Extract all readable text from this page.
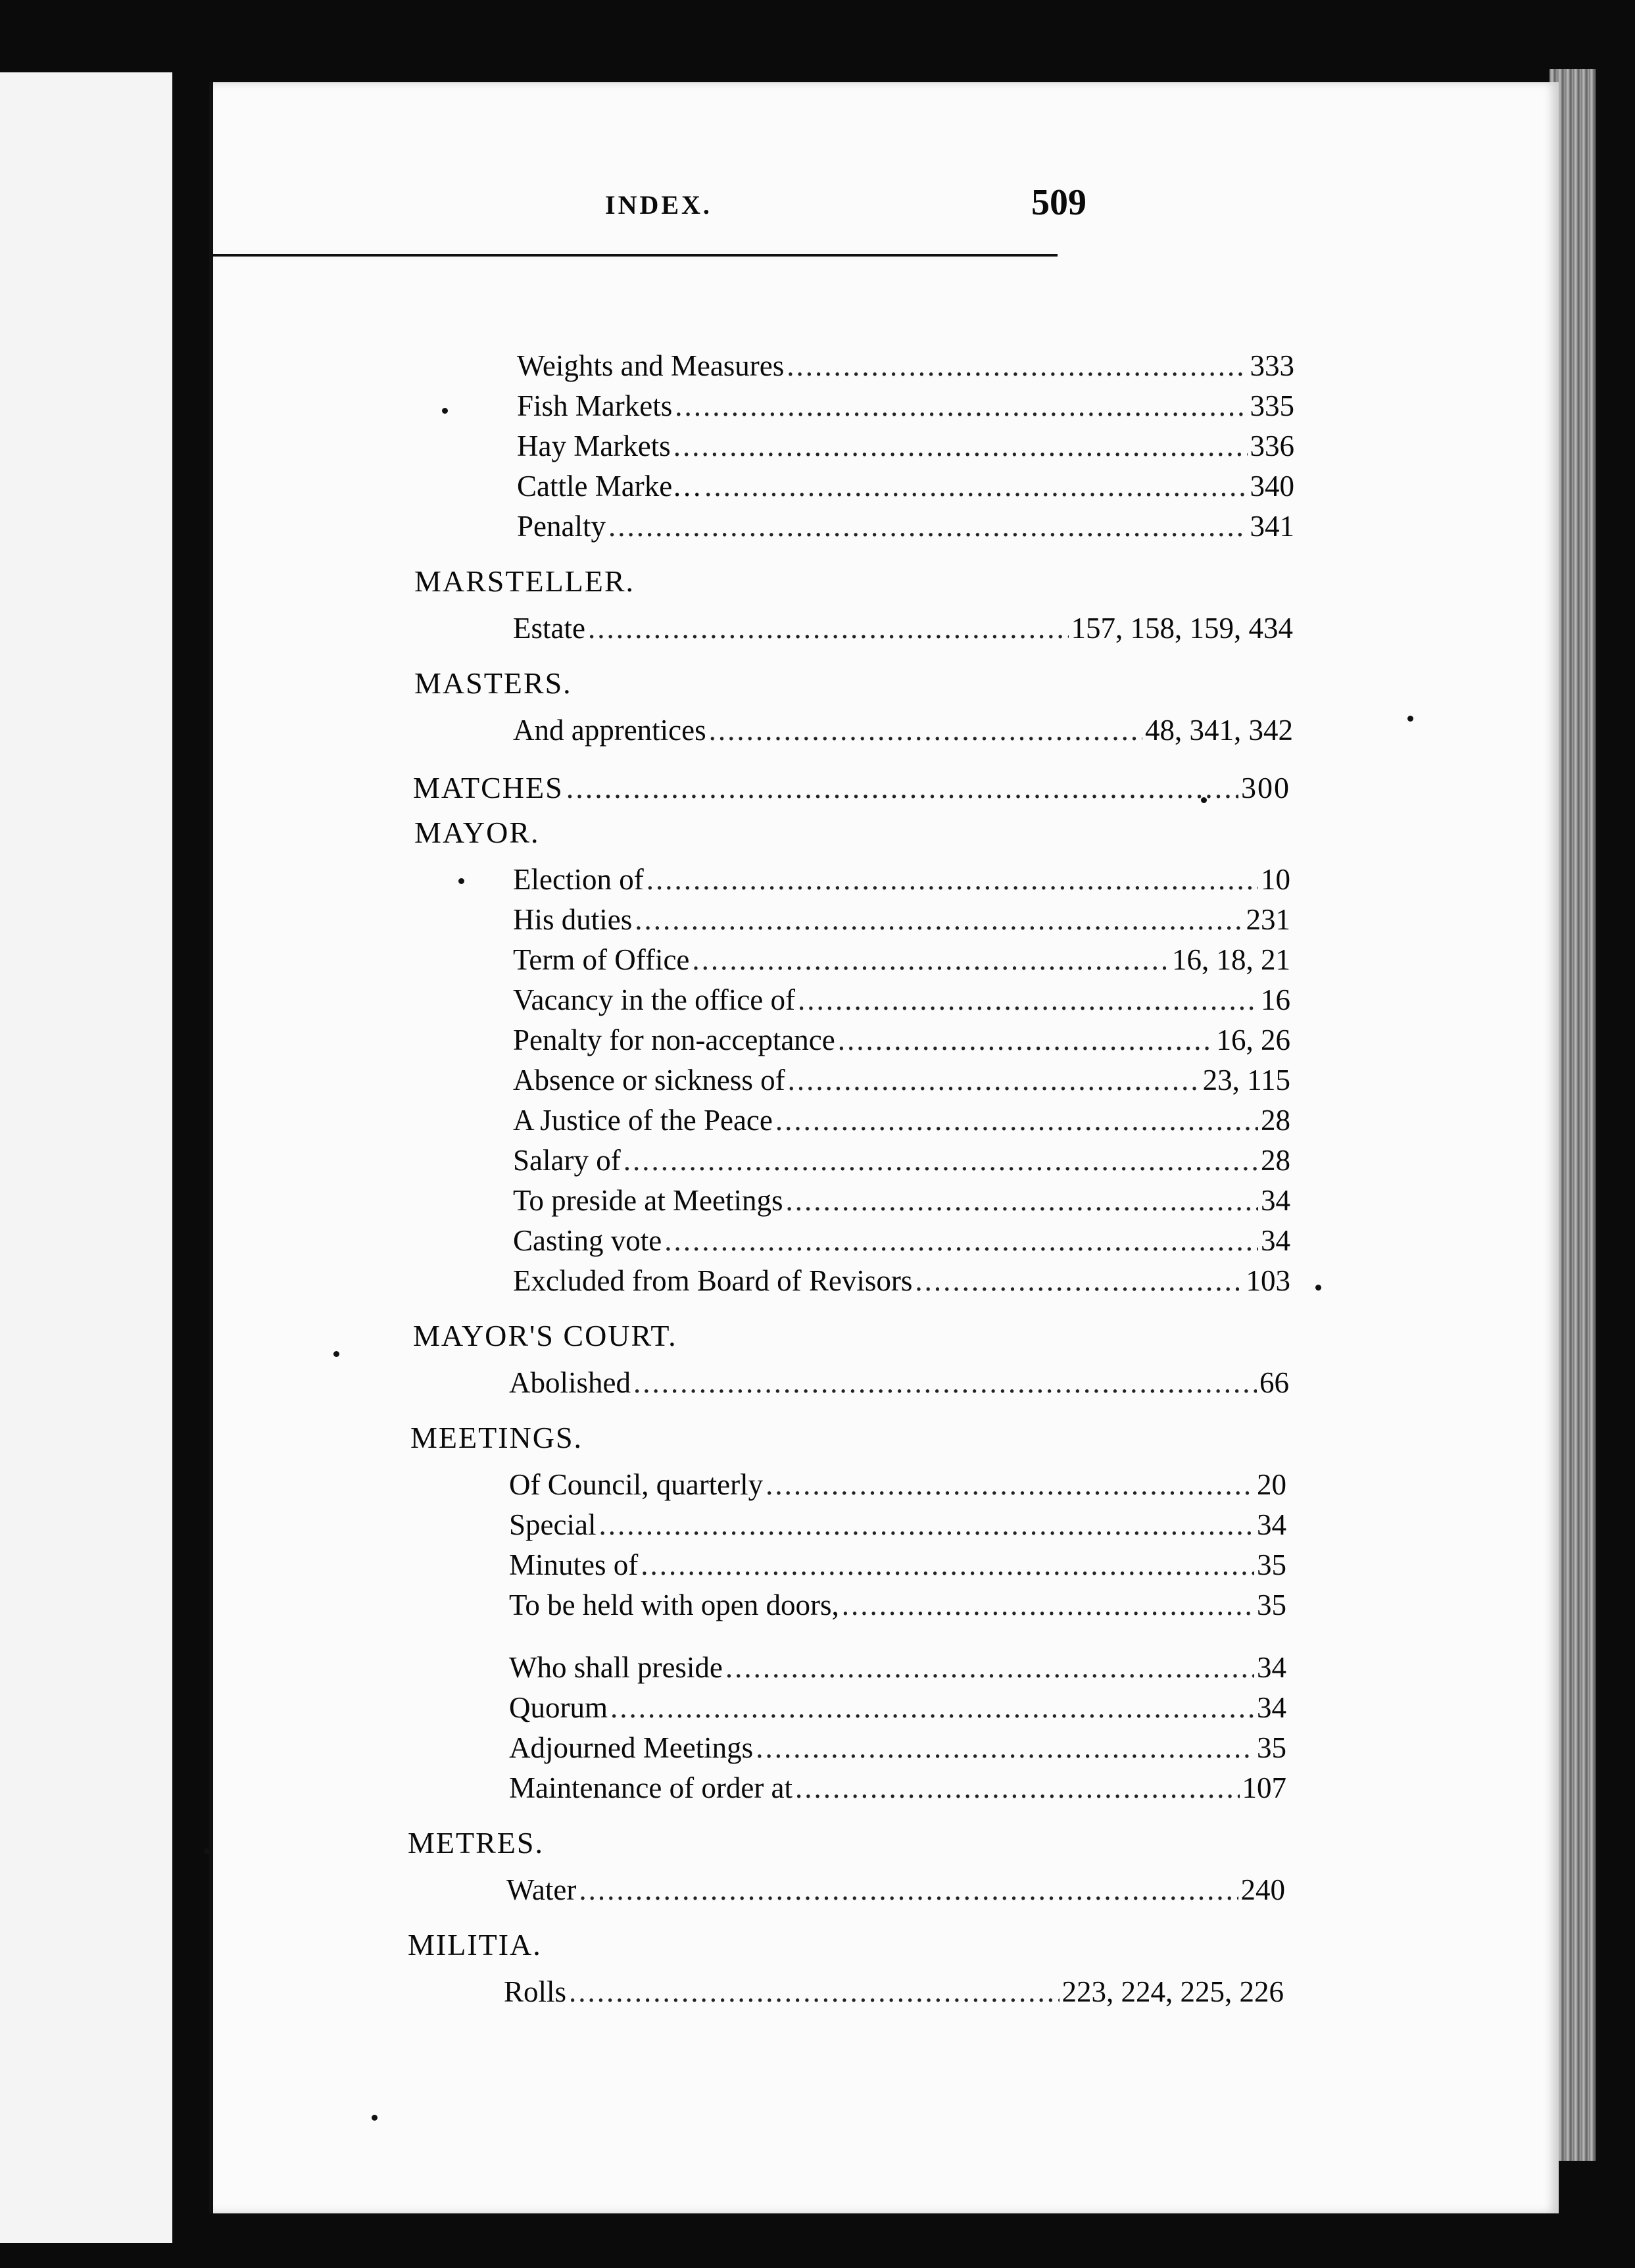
INDEX.	509
Weights and Measures .....	333
Fish Markets .....	335
Hay Markets .....	336
Cattle Marke… .....	340
Penalty .....	341
MARSTELLER.
Estate .....	157, 158, 159, 434
MASTERS.
And apprentices .....	48, 341, 342
MATCHES .....	300
MAYOR.
Election of .....	10
His duties .....	231
Term of Office .....	16, 18, 21
Vacancy in the office of .....	16
Penalty for non-acceptance .....	16, 26
Absence or sickness of .....	23, 115
A Justice of the Peace .....	28
Salary of .....	28
To preside at Meetings .....	34
Casting vote .....	34
Excluded from Board of Revisors .....	103
MAYOR'S COURT.
Abolished .....	66
MEETINGS.
Of Council, quarterly .....	20
Special .....	34
Minutes of .....	35
To be held with open doors, .....	35
Who shall preside .....	34
Quorum .....	34
Adjourned Meetings .....	35
Maintenance of order at .....	107
METRES.
Water .....	240
MILITIA.
Rolls .....	223, 224, 225, 226
